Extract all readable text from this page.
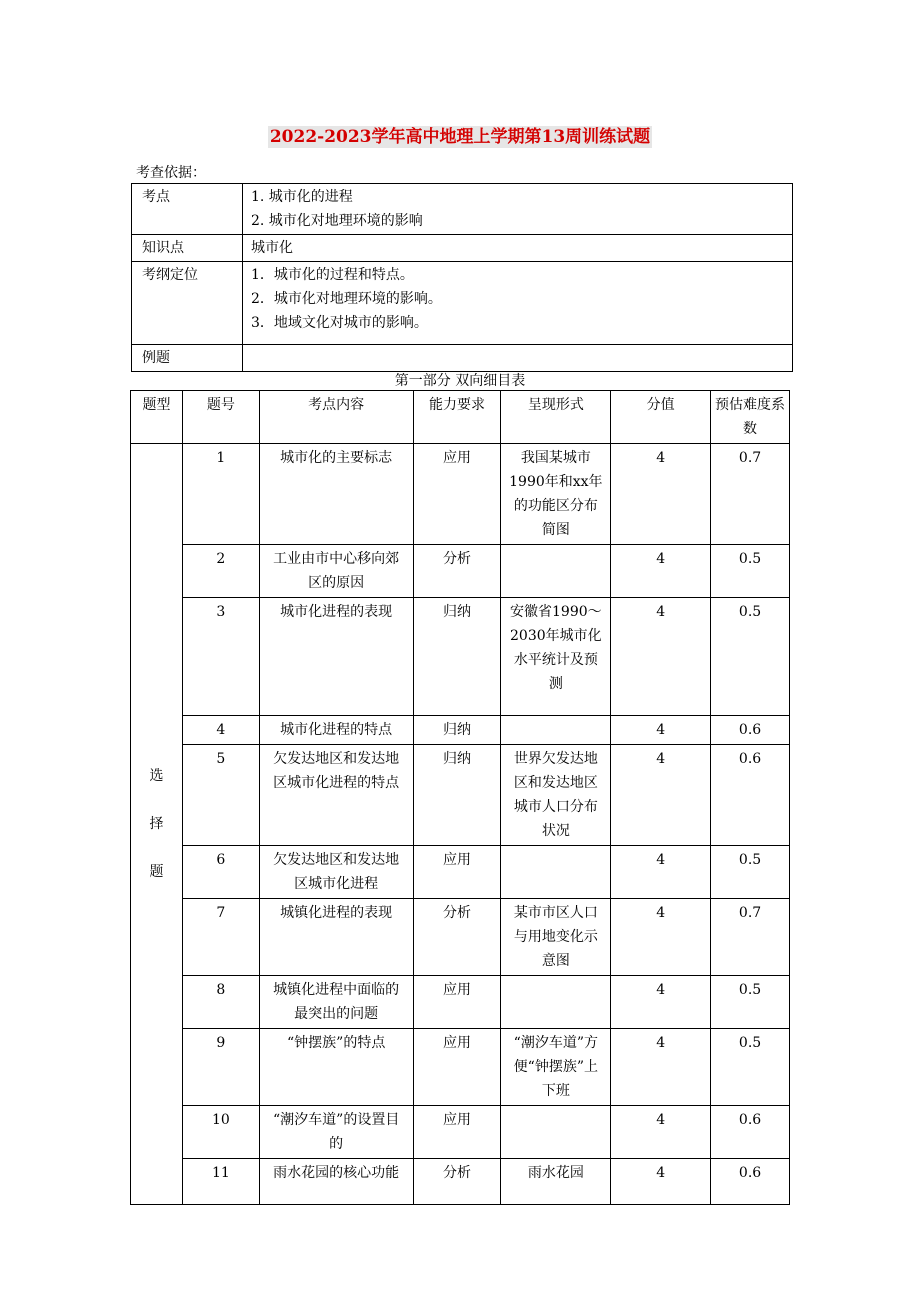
2022-2023学年高中地理上学期第13周训练试题
考查依据：
考点	1. 城市化的进程
2. 城市化对地理环境的影响

知识点	城市化

考纲定位	1．城市化的过程和特点。
2．城市化对地理环境的影响。
3．地域文化对城市的影响。

例题	
第一部分 双向细目表
题型	题号	考点内容	能力要求	呈现形式	分值	预估难度系数

选
择
题	1	城市化的主要标志	应用	我国某城市1990年和xx年的功能区分布简图	4	0.7
	2	工业由市中心移向郊区的原因	分析		4	0.5
	3	城市化进程的表现	归纳	安徽省1990～2030年城市化水平统计及预测	4	0.5
	4	城市化进程的特点	归纳		4	0.6
	5	欠发达地区和发达地区城市化进程的特点	归纳	世界欠发达地区和发达地区城市人口分布状况	4	0.6
	6	欠发达地区和发达地区城市化进程	应用		4	0.5
	7	城镇化进程的表现	分析	某市市区人口与用地变化示意图	4	0.7
	8	城镇化进程中面临的最突出的问题	应用		4	0.5
	9	“钟摆族”的特点	应用	“潮汐车道”方便“钟摆族”上下班	4	0.5
	10	“潮汐车道”的设置目的	应用		4	0.6
	11	雨水花园的核心功能	分析	雨水花园	4	0.6
